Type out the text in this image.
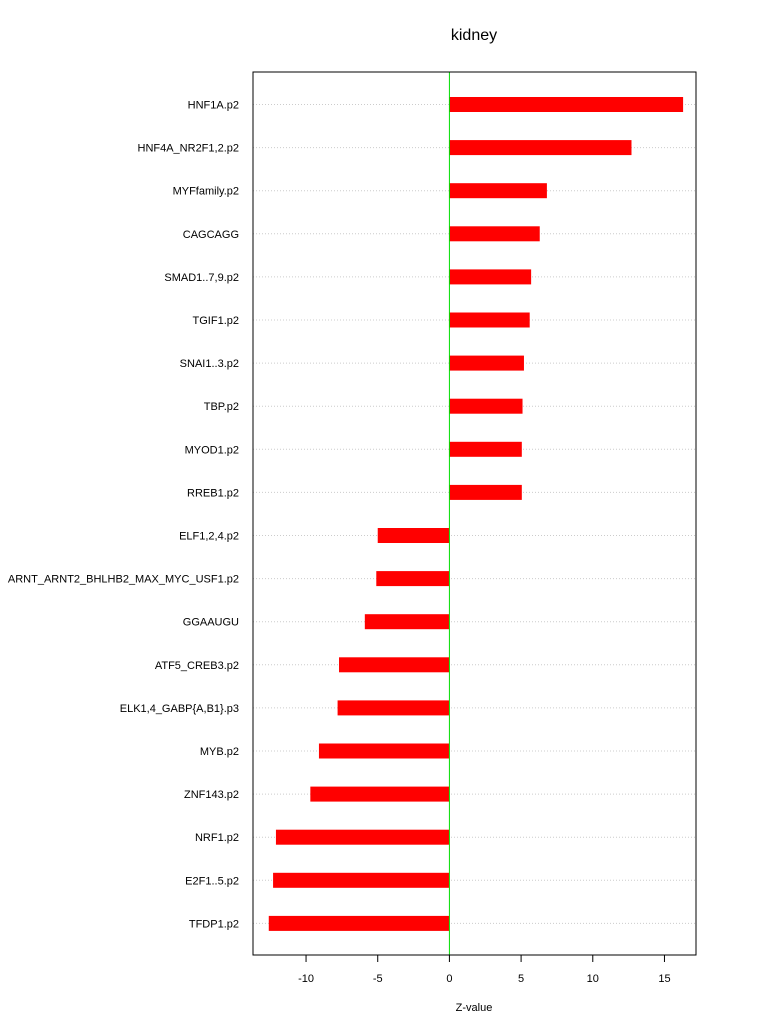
kidney
HNF1A.p2
HNF4A_NR2F1,2.p2
MYFfamily.p2
CAGCAGG
SMAD1..7,9.p2
TGIF1.p2
SNAI1..3.p2
TBP.p2
MYOD1.p2
RREB1.p2
ELF1,2,4.p2
ARNT_ARNT2_BHLHB2_MAX_MYC_USF1.p2
GGAAUGU
ATF5_CREB3.p2
ELK1,4_GABP{A,B1}.p3
MYB.p2
ZNF143.p2
NRF1.p2
E2F1..5.p2
TFDP1.p2
-10	-5	0	5	10	15
Z-value
